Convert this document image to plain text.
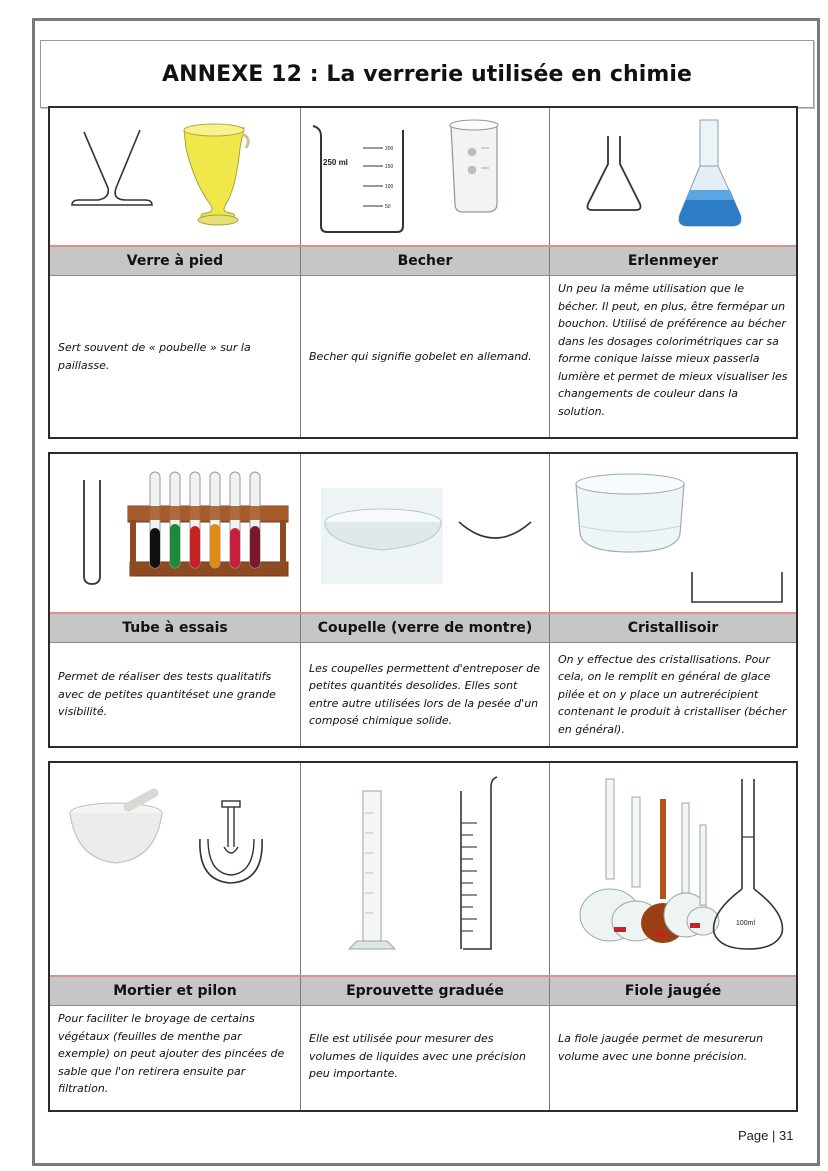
ANNEXE 12 : La verrerie utilisée en chimie
250 ml
200
150
100
50
Verre à pied	Becher	Erlenmeyer
Sert souvent de « poubelle » sur la paillasse.
Becher qui signifie gobelet en allemand.
Un peu la même utilisation que le bécher. Il peut, en plus, être fermépar un bouchon. Utilisé de préférence au bécher dans les dosages colorimétriques car sa forme conique laisse mieux passerla lumière et permet de mieux visualiser les changements de couleur dans la solution.
Tube à essais	Coupelle (verre de montre)	Cristallisoir
Permet de réaliser des tests qualitatifs avec de petites quantitéset une grande visibilité.
Les coupelles permettent d'entreposer de petites quantités desolides. Elles sont entre autre utilisées lors de la pesée d'un composé chimique solide.
On y effectue des cristallisations. Pour cela, on le remplit en général de glace pilée et on y place un autrerécipient contenant le produit à cristalliser (bécher en général).
100ml
Mortier et pilon	Eprouvette graduée	Fiole jaugée
Pour faciliter le broyage de certains végétaux (feuilles de menthe par exemple) on peut ajouter des pincées de sable que l'on retirera ensuite par filtration.
Elle est utilisée pour mesurer des volumes de liquides avec une précision peu importante.
La fiole jaugée permet de mesurerun volume avec une bonne précision.
Page | 31
